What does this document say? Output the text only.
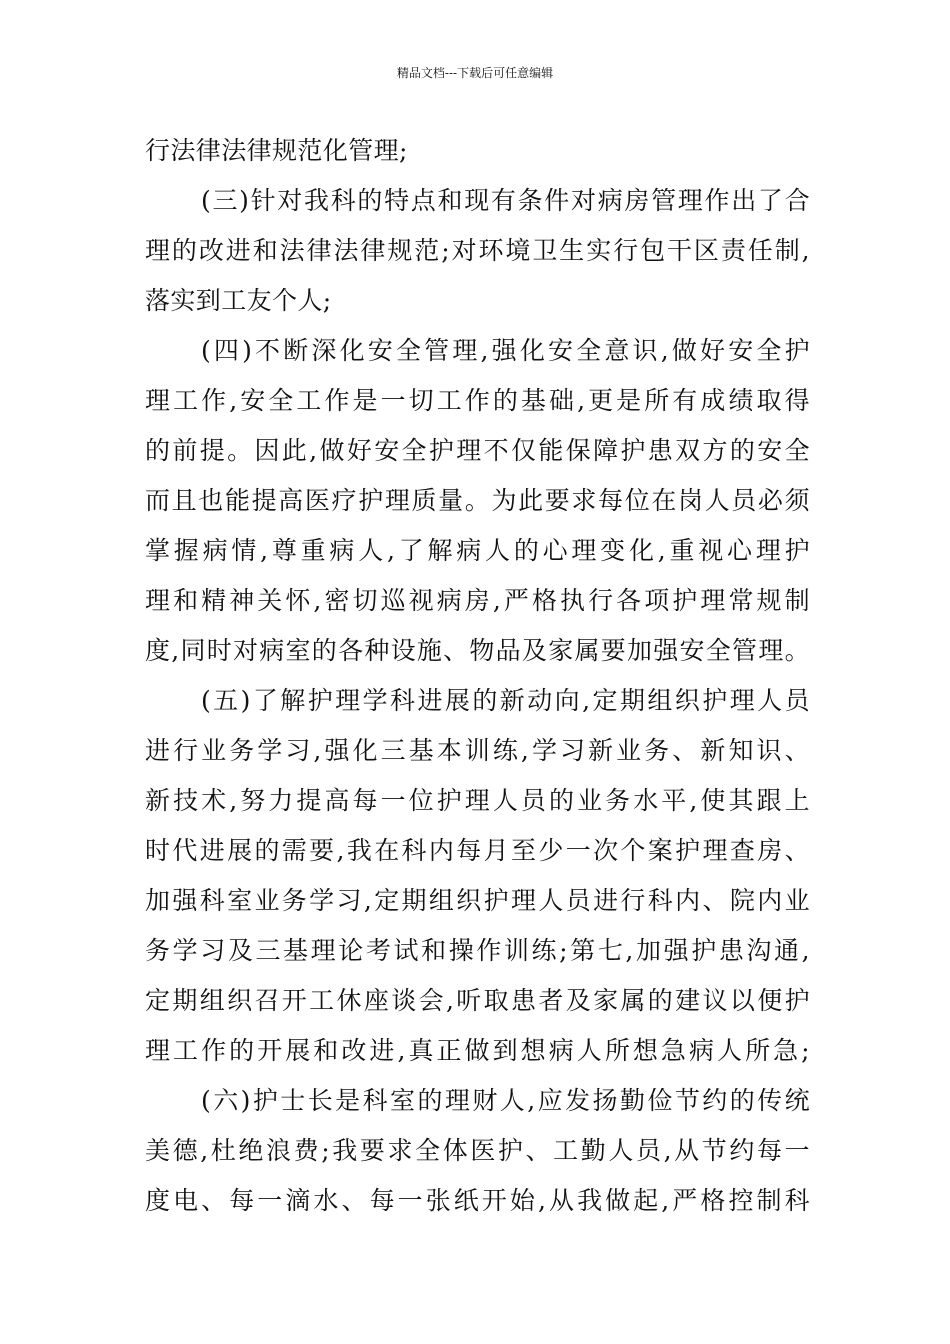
精品文档---下载后可任意编辑
行法律法律规范化管理;
(三)针对我科的特点和现有条件对病房管理作出了合
理的改进和法律法律规范;对环境卫生实行包干区责任制,
落实到工友个人;
(四)不断深化安全管理,强化安全意识,做好安全护
理工作,安全工作是一切工作的基础,更是所有成绩取得
的前提。因此,做好安全护理不仅能保障护患双方的安全
而且也能提高医疗护理质量。为此要求每位在岗人员必须
掌握病情,尊重病人,了解病人的心理变化,重视心理护
理和精神关怀,密切巡视病房,严格执行各项护理常规制
度,同时对病室的各种设施、物品及家属要加强安全管理。
(五)了解护理学科进展的新动向,定期组织护理人员
进行业务学习,强化三基本训练,学习新业务、新知识、
新技术,努力提高每一位护理人员的业务水平,使其跟上
时代进展的需要,我在科内每月至少一次个案护理查房、
加强科室业务学习,定期组织护理人员进行科内、院内业
务学习及三基理论考试和操作训练;第七,加强护患沟通,
定期组织召开工休座谈会,听取患者及家属的建议以便护
理工作的开展和改进,真正做到想病人所想急病人所急;
(六)护士长是科室的理财人,应发扬勤俭节约的传统
美德,杜绝浪费;我要求全体医护、工勤人员,从节约每一
度电、每一滴水、每一张纸开始,从我做起,严格控制科
